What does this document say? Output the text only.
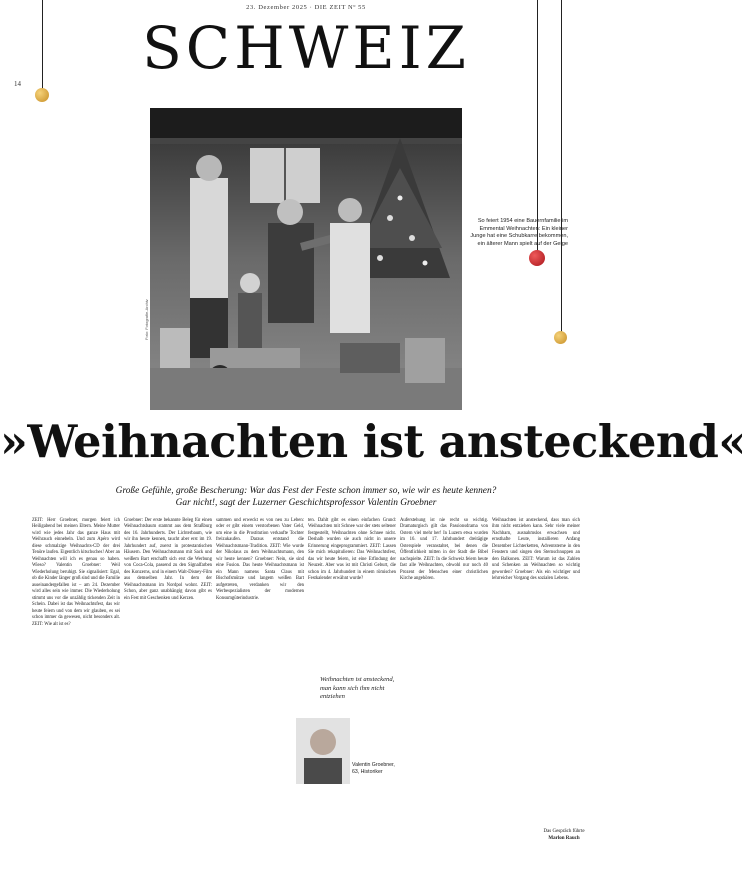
23. Dezember 2025 · DIE ZEIT Nº 55
14
SCHWEIZ
Foto: Fotografie-Archiv
So feiert 1954 eine Bauernfamilie im Emmental Weihnachten: Ein kleiner Junge hat eine Schubkarre bekommen, ein älterer Mann spielt auf der Geige
»Weihnachten ist ansteckend«
Große Gefühle, große Bescherung: War das Fest der Feste schon immer so, wie wir es heute kennen?
Gar nicht!, sagt der Luzerner Geschichtsprofessor Valentin Groebner
ZEIT: Herr Groebner, morgen feiert ich Heiligabend bei meinen Eltern. Meine Mutter wird wie jedes Jahr das ganze Haus mit Weihrauch einnebeln. Und zum Apéro wird diese schmalzige Weihnachts-CD der drei Tenöre laufen. Eigentlich kitschsches! Aber an Weihnachten will ich es genau so haben. Wieso? Valentin Groebner: Weil Wiederholung beruhigt. Sie signalisiert: Egal, ob die Kinder länger groß sind und die Familie auseinandergefallen ist – am 24. Dezember wird alles sein wie immer. Die Wiederholung stimmt uns vor die unzählig tickenden Zeit in Schein. Dabei ist das Weihnachtsfest, das wir heute feiern und von dem wir glauben, es sei schon immer da gewesen, nicht besonders alt. ZEIT: Wie alt ist es?
Groebner: Der erste bekannte Beleg für einen Weihnachtsbaum stammt aus dem Straßburg des 16. Jahrhunderts. Der Lichterbaum, wie wir ihn heute kennen, taucht aber erst im 19. Jahrhundert auf, zuerst in protestantischen Häusern. Den Weihnachtsmann mit Sack und weißem Bart erschafft sich erst die Werbung von Coca-Cola, passend zu den Signalfarben des Konzerns, und in einem Walt-Disney-Film aus demselben Jahr. In dem der Weihnachtsmann im Nordpol wohnt. ZEIT: Schon, aber ganz unabhängig davon gibt es ein Fest mit Geschenken und Kerzen.
sammen und erweckt es von neu zu Leben: oder er gibt einem verstorbenen Vater Geld, um eine in die Prostitution verkaufte Tochter freizukaufen. Daraus entstand die Weihnachtsmann-Tradition. ZEIT: Wie wurde der Nikolaus zu dem Weihnachtsmann, den wir heute kennen? Groebner: Nein, sie sind eine Fusion. Das heute Weihnachtsmann ist ein Mann namens Santa Claus mit Bischofsmütze und langem weißen Bart aufgetreten, verdanken wir den Werbespezialisten der modernen Konsumgüterindustrie.
ten. Dahlt gibt es einen einfachen Grund: Weihnachten mit Schnee war der stets seltener festgestellt, Weihnachten ohne Schnee nicht. Deshalb wurden sie auch nicht in unsere Erinnerung eingeprogrammiert. ZEIT: Lassen Sie mich rekapitulieren: Das Weihnachtsfest, das wir heute feiern, ist eine Erfindung der Neuzeit. Aber was ist mit Christi Geburt, die schon im 4. Jahrhundert in einem römischen Festkalender erwähnt wurde?
Auferstehung ist nie recht so wichtig. Dramaturgisch gilt das Passionsdrama von Ostern viel mehr her! In Luzern etwa wurden im 16. und 17. Jahrhundert dreitägige Osterspiele veranstaltet, bei denen die Öffentlichkeit mitten in der Stadt die Bibel nachspielte. ZEIT: In die Schweiz feiern heute fast alle Weihnachten, obwohl nur noch 40 Prozent der Menschen einer christlichen Kirche angehören.
Weihnachten ist ansteckend, dass man sich ihm nicht entziehen kann. Sehr viele meiner Nachbarn, ausnahmslos erwachsen und ernsthafte Leute, installieren Anfang Dezember Lichterketten, Adventsterne in den Fenstern und singen den Sternschnuppen an den Balkonen. ZEIT: Warum ist das Zahlen und Schenken an Weihnachten so wichtig geworden? Groebner: Als ein wichtiger und lehrreicher Vorgang des sozialen Lebens.
Weihnachten ist ansteckend, man kann sich ihm nicht entziehen
Valentin Groebner, 63, Historiker
Das Gespräch führte
Marlon Rauch
